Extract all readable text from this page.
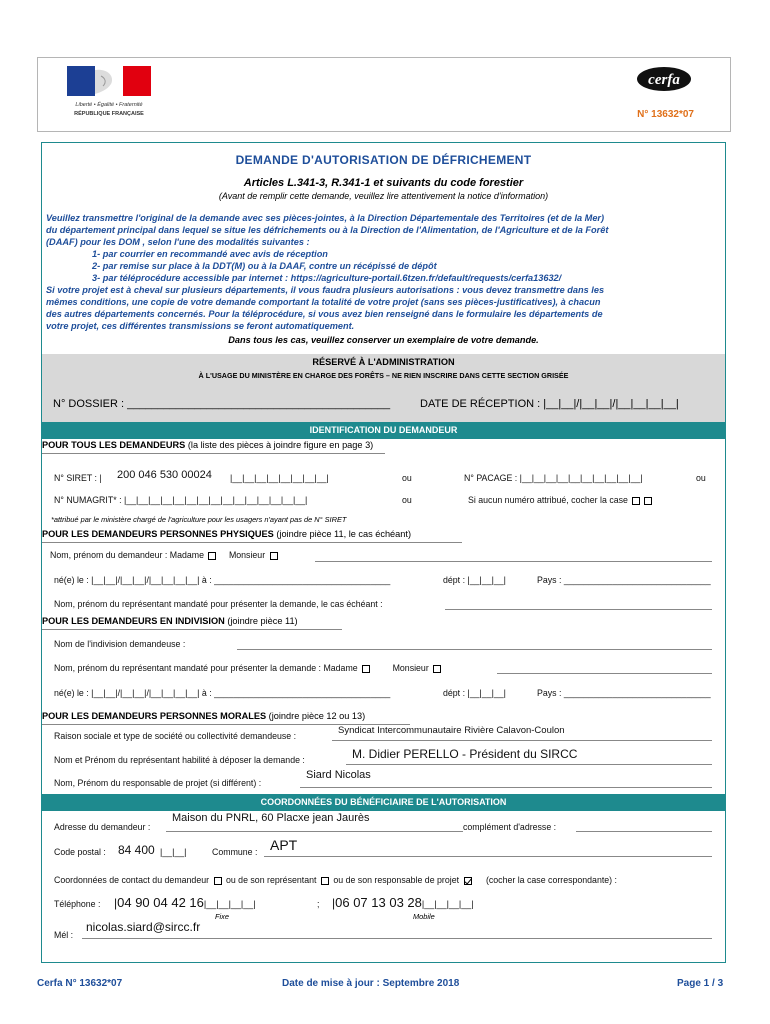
Liberté • Égalité • Fraternité
RÉPUBLIQUE FRANÇAISE
cerfa
N° 13632*07
DEMANDE D'AUTORISATION DE DÉFRICHEMENT
Articles L.341-3, R.341-1 et suivants du code forestier
(Avant de remplir cette demande, veuillez lire attentivement la notice d'information)
Veuillez transmettre l'original de la demande avec ses pièces-jointes, à la Direction Départementale des Territoires (et de la Mer)
du département principal dans lequel se situe les défrichements ou à la Direction de l'Alimentation, de l'Agriculture et de la Forêt
(DAAF) pour les DOM , selon l'une des modalités suivantes :
1- par courrier en recommandé avec avis de réception
2- par remise sur place à la DDT(M) ou à la DAAF, contre un récépissé de dépôt
3- par téléprocédure accessible par internet : https://agriculture-portail.6tzen.fr/default/requests/cerfa13632/
Si votre projet est à cheval sur plusieurs départements, il vous faudra plusieurs autorisations : vous devez transmettre dans les
mêmes conditions, une copie de votre demande comportant la totalité de votre projet (sans ses pièces-justificatives), à chacun
des autres départements concernés. Pour la téléprocédure, si vous avez bien renseigné dans le formulaire les départements de
votre projet, ces différentes transmissions se feront automatiquement.
Dans tous les cas, veuillez conserver un exemplaire de votre demande.
RÉSERVÉ À L'ADMINISTRATION
À L'USAGE DU MINISTÈRE EN CHARGE DES FORÊTS – NE RIEN INSCRIRE DANS CETTE SECTION GRISÉE
N° DOSSIER : ___________________________________________	DATE DE RÉCEPTION : |__|__|/|__|__|/|__|__|__|__|
IDENTIFICATION DU DEMANDEUR
POUR TOUS LES DEMANDEURS (la liste des pièces à joindre figure en page 3)
N° SIRET : | 200 046 530 00024 |__|__|__|__|__|__|__|__|	ou	N° PACAGE : |__|__|__|__|__|__|__|__|__|__|	ou
N° NUMAGRIT* : |__|__|__|__|__|__|__|__|__|__|__|__|__|__|__|	ou	Si aucun numéro attribué, cocher la case
*attribué par le ministère chargé de l'agriculture pour les usagers n'ayant pas de N° SIRET
POUR LES DEMANDEURS PERSONNES PHYSIQUES (joindre pièce 11, le cas échéant)
Nom, prénom du demandeur : Madame	Monsieur
né(e) le : |__|__|/|__|__|/|__|__|__|__| à : ____________________________________	dépt : |__|__|__|	Pays : ______________________________
Nom, prénom du représentant mandaté pour présenter la demande, le cas échéant :
POUR LES DEMANDEURS EN INDIVISION (joindre pièce 11)
Nom de l'indivision demandeuse :
Nom, prénom du représentant mandaté pour présenter la demande : Madame	Monsieur
né(e) le : |__|__|/|__|__|/|__|__|__|__| à : ____________________________________	dépt : |__|__|__|	Pays : ______________________________
POUR LES DEMANDEURS PERSONNES MORALES (joindre pièce 12 ou 13)
Raison sociale et type de société ou collectivité demandeuse :	Syndicat Intercommunautaire Rivière Calavon-Coulon
Nom et Prénom du représentant habilité à déposer la demande :	M. Didier PERELLO - Président du SIRCC
Nom, Prénom du responsable de projet (si différent) :
Siard Nicolas
COORDONNÉES DU BÉNÉFICIAIRE DE L'AUTORISATION
Adresse du demandeur :
Maison du PNRL, 60 Placxe jean Jaurès
complément d'adresse :
Code postal : 84 400 |__|__|	Commune : APT
Coordonnées de contact du demandeur ou de son représentant ou de son responsable de projet	(cocher la case correspondante) :
Téléphone : |04 90 04 42 16|__|__|__|__|	; |06 07 13 03 28|__|__|__|__|
Fixe	Mobile
Mél :
nicolas.siard@sircc.fr
Cerfa N° 13632*07	Date de mise à jour : Septembre 2018	Page 1 / 3
